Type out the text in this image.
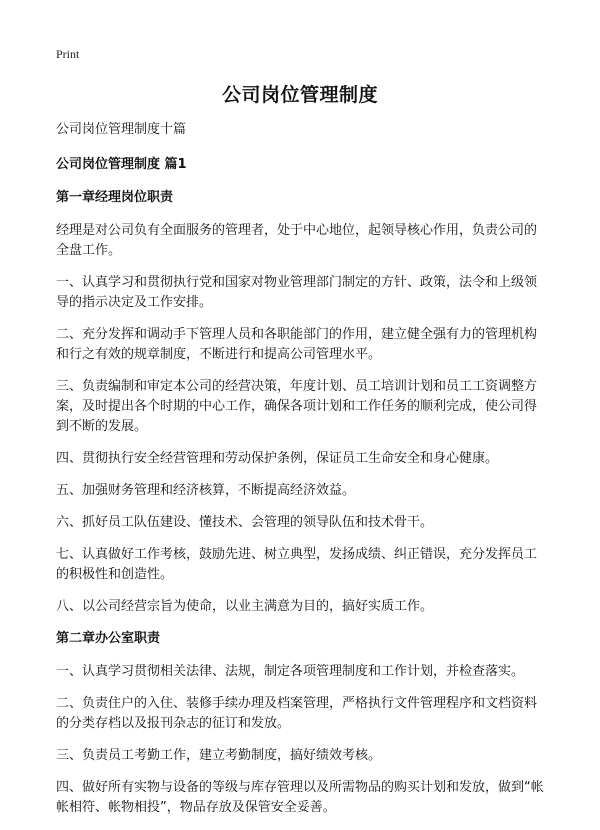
Print
公司岗位管理制度

公司岗位管理制度十篇

公司岗位管理制度 篇1

第一章经理岗位职责

经理是对公司负有全面服务的管理者，处于中心地位，起领导核心作用，负责公司的全盘工作。

一、认真学习和贯彻执行党和国家对物业管理部门制定的方针、政策，法令和上级领导的指示决定及工作安排。

二、充分发挥和调动手下管理人员和各职能部门的作用，建立健全强有力的管理机构和行之有效的规章制度，不断进行和提高公司管理水平。

三、负责编制和审定本公司的经营决策，年度计划、员工培训计划和员工工资调整方案，及时提出各个时期的中心工作，确保各项计划和工作任务的顺利完成，使公司得到不断的发展。

四、贯彻执行安全经营管理和劳动保护条例，保证员工生命安全和身心健康。

五、加强财务管理和经济核算，不断提高经济效益。

六、抓好员工队伍建设、懂技术、会管理的领导队伍和技术骨干。

七、认真做好工作考核，鼓励先进、树立典型，发扬成绩、纠正错误，充分发挥员工的积极性和创造性。

八、以公司经营宗旨为使命，以业主满意为目的，搞好实质工作。

第二章办公室职责

一、认真学习贯彻相关法律、法规，制定各项管理制度和工作计划，并检查落实。

二、负责住户的入住、装修手续办理及档案管理，严格执行文件管理程序和文档资料的分类存档以及报刊杂志的征订和发放。

三、负责员工考勤工作，建立考勤制度，搞好绩效考核。

四、做好所有实物与设备的等级与库存管理以及所需物品的购买计划和发放，做到“帐帐相符、帐物相投”，物品存放及保管安全妥善。
